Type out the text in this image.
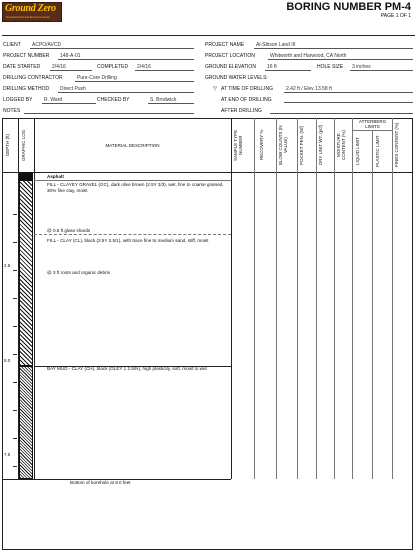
Ground Zero
Geotechnical and Environmental
BORING NUMBER PM-4
PAGE 1 OF 1
CLIENT	ACPO/AVCD	PROJECT NAME	Al-Sibson Land III
PROJECT NUMBER	148-A-01	PROJECT LOCATION	Whitworth and Harwood, CA North
DATE STARTED	2/4/16	COMPLETED	2/4/16	GROUND ELEVATION	16 ft	HOLE SIZE	3 inches
DRILLING CONTRACTOR	Pure-Core Drilling	GROUND WATER LEVELS:
DRILLING METHOD	Direct Push	▽ AT TIME OF DRILLING	2.42 ft / Elev 13.58 ft
LOGGED BY	R. Ward	CHECKED BY	S. Brodwick	AT END OF DRILLING
NOTES	AFTER DRILLING
DEPTH (ft)	GRAPHIC LOG	MATERIAL DESCRIPTION	SAMPLE TYPE NUMBER	RECOVERY %	BLOW COUNTS (N VALUE)	POCKET PEN. (tsf)	DRY UNIT WT. (pcf)	MOISTURE CONTENT (%)
ATTERBERG LIMITS
LIQUID LIMIT	PLASTIC LIMIT	FINES CONTENT (%)
2.5
5.0
7.5
Asphalt
FILL - CLAYEY GRAVEL (GC), dark olive brown (2.5Y 3/3), wet, fine to coarse grained, 30% fine clay, moist
@ 0.5 ft glass shards
FILL - CLAY (CL), black (2.5Y 2.5/1), with trace fine to medium sand, stiff, moist
@ 3 ft roots and organic debris
BAY MUD - CLAY (CH), black (GLEY 1 2.5/N), high plasticity, soft, moist to wet
Bottom of borehole at 8.0 feet
